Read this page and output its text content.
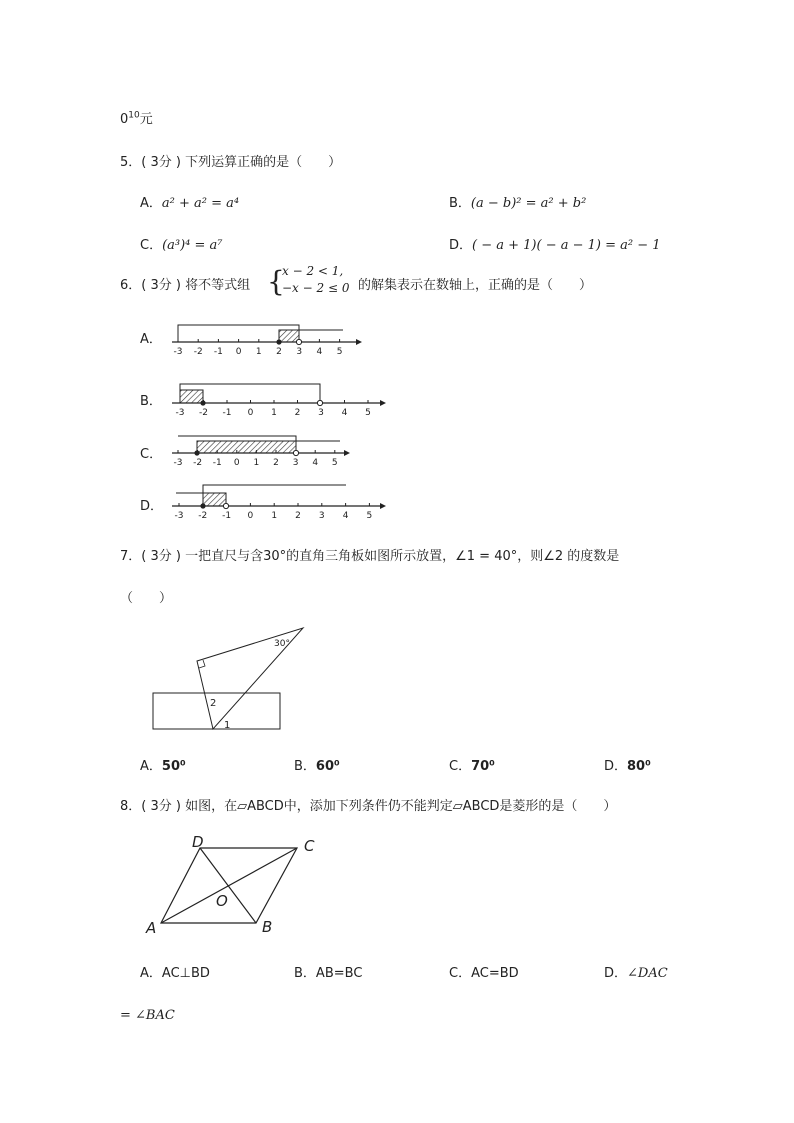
$0^{10}$元
5．( 3分 ) 下列运算正确的是（　　）
A．a² + a² = a⁴	B．(a − b)² = a² + b²
C．(a³)⁴ = a⁷	D．( − a + 1)( − a − 1) = a² − 1
6．( 3分 ) 将不等式组 {
x − 2 < 1,
−x − 2 ≤ 0 的解集表示在数轴上，正确的是（　　）
A．
B．
C．
D．
-3 -2 -1 0 1 2 3 4 5
-3 -2 -1 0 1 2 3 4 5
-3 -2 -1 0 1 2 3 4 5
-3 -2 -1 0 1 2 3 4 5
7．( 3分 ) 一把直尺与含30°的直角三角板如图所示放置，∠1 = 40°，则∠2 的度数是
（　　）
30°
2
1
A．50⁰	B．60⁰	C．70⁰	D．80⁰
8．( 3分 ) 如图，在▱ABCD中，添加下列条件仍不能判定▱ABCD是菱形的是（　　）
A	B
C
D
O
A．AC⊥BD	B．AB=BC	C．AC=BD	D．∠DAC
= ∠BAC
